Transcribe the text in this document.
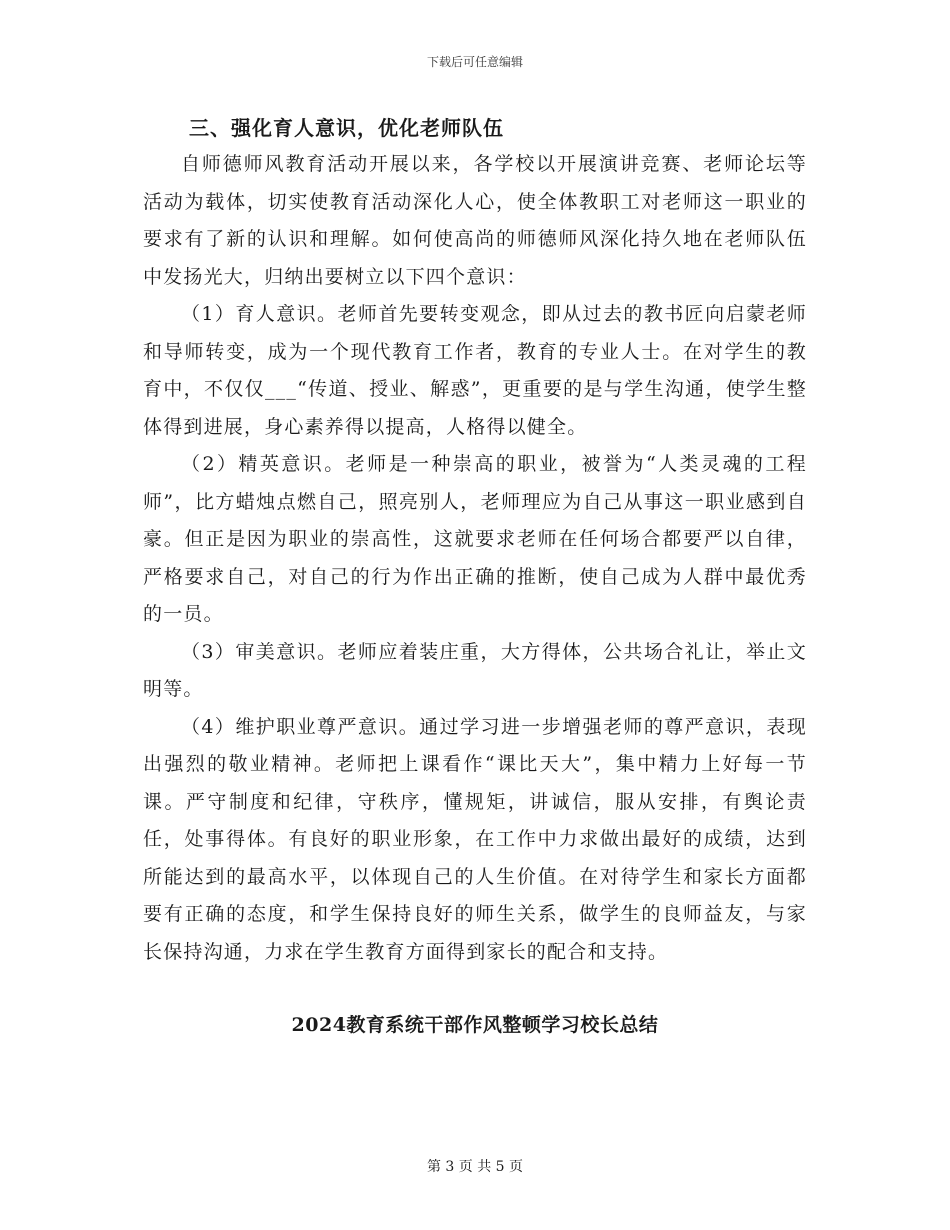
下载后可任意编辑
三、强化育人意识，优化老师队伍

自师德师风教育活动开展以来，各学校以开展演讲竞赛、老师论坛等活动为载体，切实使教育活动深化人心，使全体教职工对老师这一职业的要求有了新的认识和理解。如何使高尚的师德师风深化持久地在老师队伍中发扬光大，归纳出要树立以下四个意识：

（1）育人意识。老师首先要转变观念，即从过去的教书匠向启蒙老师和导师转变，成为一个现代教育工作者，教育的专业人士。在对学生的教育中，不仅仅___“传道、授业、解惑”，更重要的是与学生沟通，使学生整体得到进展，身心素养得以提高，人格得以健全。

（2）精英意识。老师是一种崇高的职业，被誉为“人类灵魂的工程师”，比方蜡烛点燃自己，照亮别人，老师理应为自己从事这一职业感到自豪。但正是因为职业的崇高性，这就要求老师在任何场合都要严以自律，严格要求自己，对自己的行为作出正确的推断，使自己成为人群中最优秀的一员。

（3）审美意识。老师应着装庄重，大方得体，公共场合礼让，举止文明等。

（4）维护职业尊严意识。通过学习进一步增强老师的尊严意识，表现出强烈的敬业精神。老师把上课看作“课比天大”，集中精力上好每一节课。严守制度和纪律，守秩序，懂规矩，讲诚信，服从安排，有舆论责任，处事得体。有良好的职业形象，在工作中力求做出最好的成绩，达到所能达到的最高水平，以体现自己的人生价值。在对待学生和家长方面都要有正确的态度，和学生保持良好的师生关系，做学生的良师益友，与家长保持沟通，力求在学生教育方面得到家长的配合和支持。

2024教育系统干部作风整顿学习校长总结
第 3 页 共 5 页
